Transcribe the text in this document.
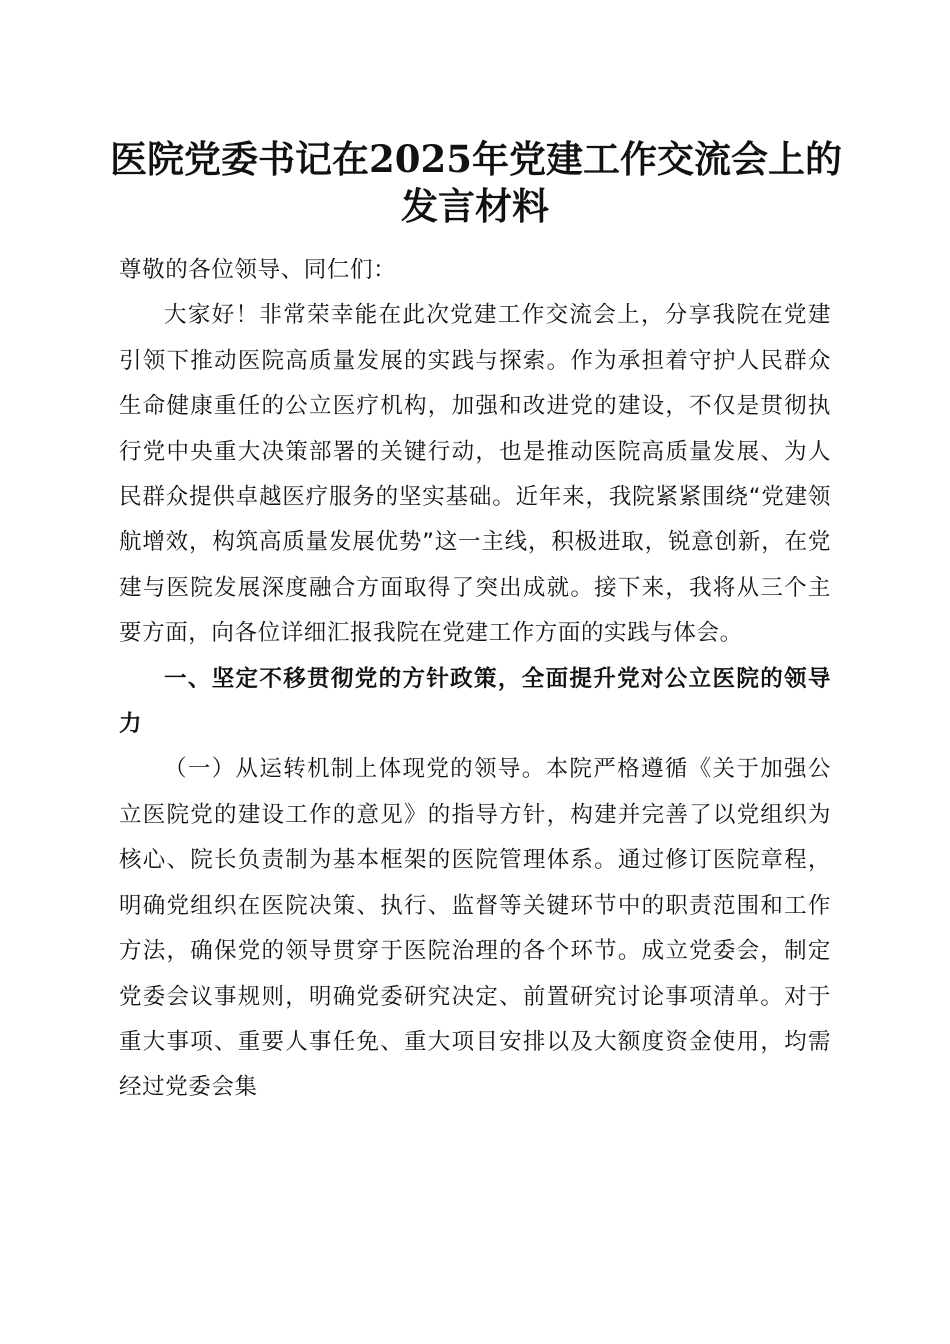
医院党委书记在2025年党建工作交流会上的
发言材料

尊敬的各位领导、同仁们：

大家好！非常荣幸能在此次党建工作交流会上，分享我院在党建引领下推动医院高质量发展的实践与探索。作为承担着守护人民群众生命健康重任的公立医疗机构，加强和改进党的建设，不仅是贯彻执行党中央重大决策部署的关键行动，也是推动医院高质量发展、为人民群众提供卓越医疗服务的坚实基础。近年来，我院紧紧围绕“党建领航增效，构筑高质量发展优势”这一主线，积极进取，锐意创新，在党建与医院发展深度融合方面取得了突出成就。接下来，我将从三个主要方面，向各位详细汇报我院在党建工作方面的实践与体会。

一、坚定不移贯彻党的方针政策，全面提升党对公立医院的领导力

（一）从运转机制上体现党的领导。本院严格遵循《关于加强公立医院党的建设工作的意见》的指导方针，构建并完善了以党组织为核心、院长负责制为基本框架的医院管理体系。通过修订医院章程，明确党组织在医院决策、执行、监督等关键环节中的职责范围和工作方法，确保党的领导贯穿于医院治理的各个环节。成立党委会，制定党委会议事规则，明确党委研究决定、前置研究讨论事项清单。对于重大事项、重要人事任免、重大项目安排以及大额度资金使用，均需经过党委会集
